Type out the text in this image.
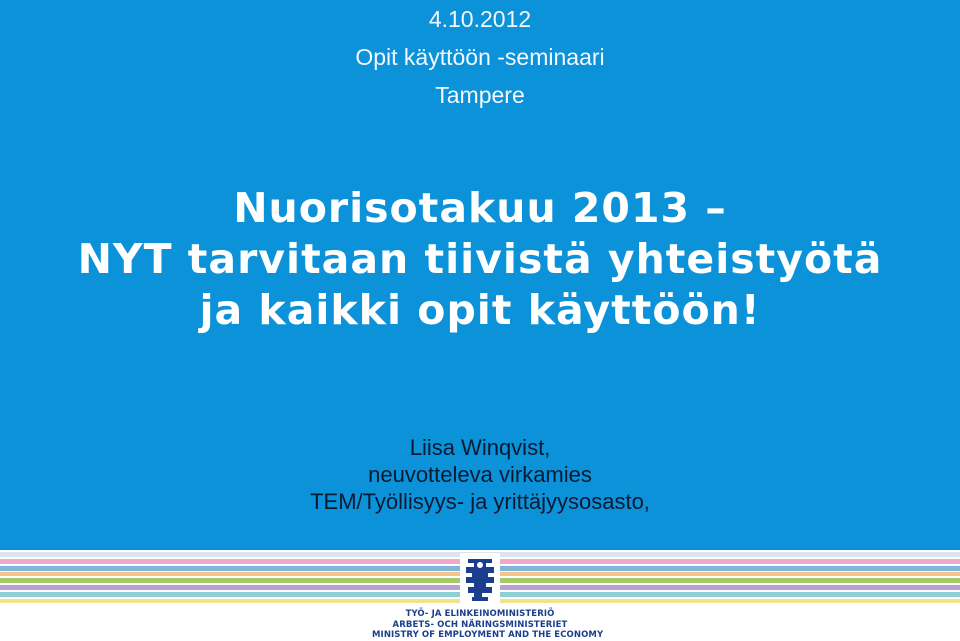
4.10.2012
Opit käyttöön -seminaari
Tampere
Nuorisotakuu 2013 –
NYT tarvitaan tiivistä yhteistyötä
ja kaikki opit käyttöön!
Liisa Winqvist,
neuvotteleva virkamies
TEM/Työllisyys- ja yrittäjyysosasto,
TYÖ- JA ELINKEINOMINISTERIÖ
ARBETS- OCH NÄRINGSMINISTERIET
MINISTRY OF EMPLOYMENT AND THE ECONOMY
